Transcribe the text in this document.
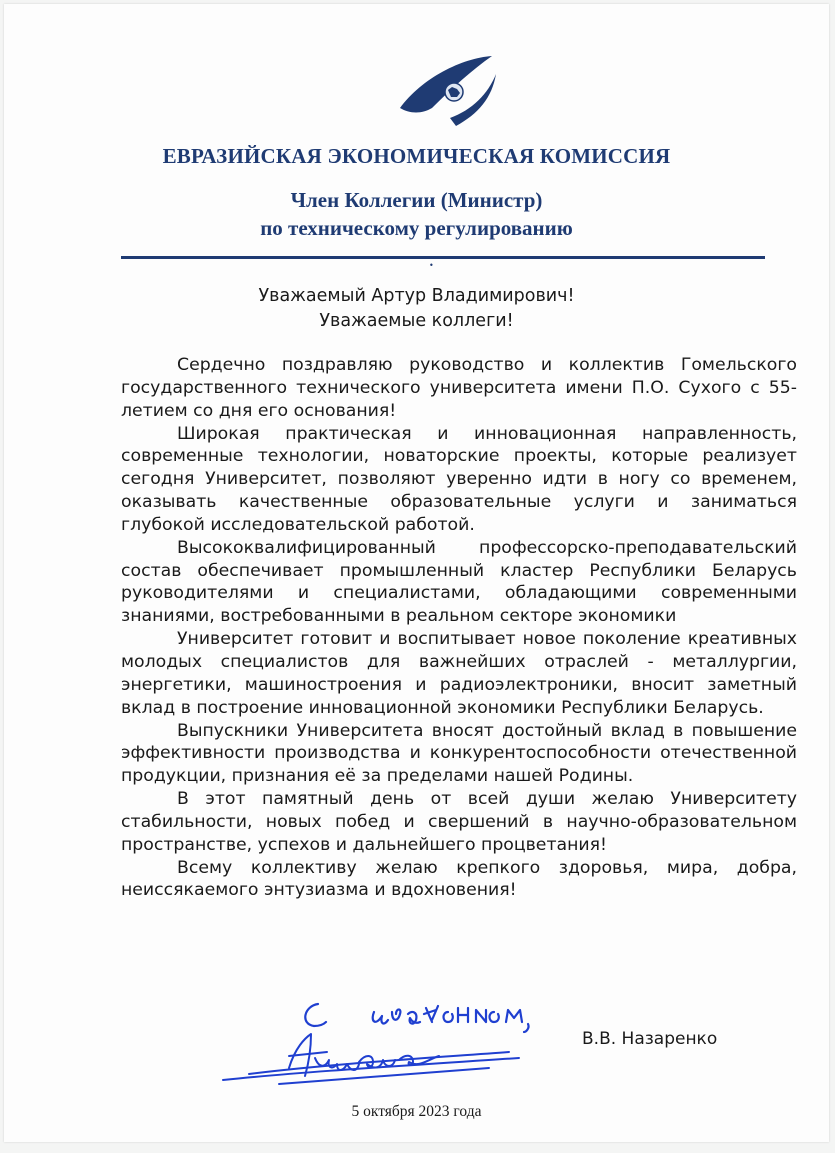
ЕВРАЗИЙСКАЯ ЭКОНОМИЧЕСКАЯ КОМИССИЯ
Член Коллегии (Министр)
по техническому регулированию
•
Уважаемый Артур Владимирович!
Уважаемые коллеги!

Сердечно поздравляю руководство и коллектив Гомельского государственного технического университета имени П.О. Сухого с 55-летием со дня его основания!

Широкая практическая и инновационная направленность, современные технологии, новаторские проекты, которые реализует сегодня Университет, позволяют уверенно идти в ногу со временем, оказывать качественные образовательные услуги и заниматься глубокой исследовательской работой.

Высококвалифицированный профессорско-преподавательский состав обеспечивает промышленный кластер Республики Беларусь руководителями и специалистами, обладающими современными знаниями, востребованными в реальном секторе экономики

Университет готовит и воспитывает новое поколение креативных молодых специалистов для важнейших отраслей - металлургии, энергетики, машиностроения и радиоэлектроники, вносит заметный вклад в построение инновационной экономики Республики Беларусь.

Выпускники Университета вносят достойный вклад в повышение эффективности производства и конкурентоспособности отечественной продукции, признания её за пределами нашей Родины.

В этот памятный день от всей души желаю Университету стабильности, новых побед и свершений в научно-образовательном пространстве, успехов и дальнейшего процветания!

Всему коллективу желаю крепкого здоровья, мира, добра, неиссякаемого энтузиазма и вдохновения!

В.В. Назаренко
5 октября 2023 года
